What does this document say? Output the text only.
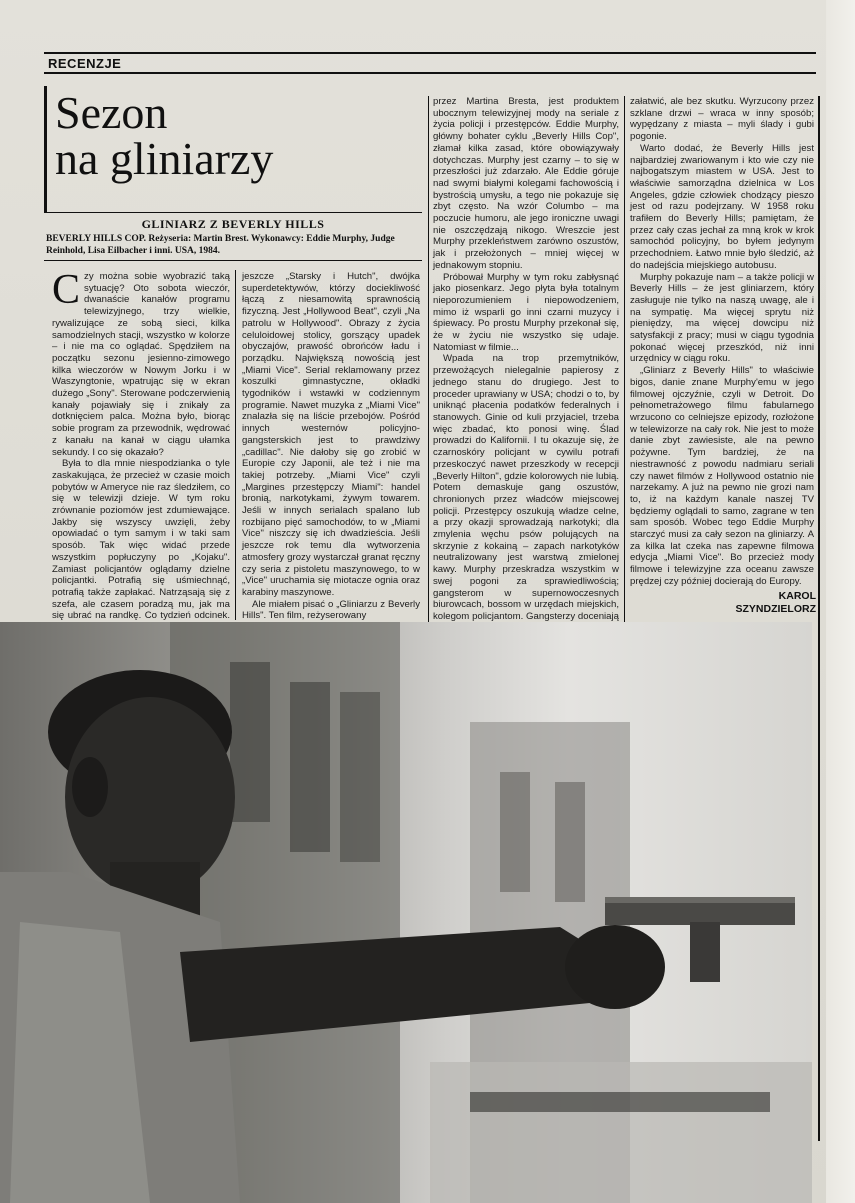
RECENZJE
Sezon
na gliniarzy
GLINIARZ Z BEVERLY HILLS
BEVERLY HILLS COP. Reżyseria: Martin Brest. Wykonawcy: Eddie Murphy, Judge Reinhold, Lisa Eilbacher i inni. USA, 1984.
C zy można sobie wyobrazić taką sytuację? Oto sobota wieczór, dwanaście kanałów programu telewizyjnego, trzy wielkie, rywalizujące ze sobą sieci, kilka samodzielnych stacji, wszystko w kolorze – i nie ma co oglądać. Spędziłem na początku sezonu jesienno-zimowego kilka wieczorów w Nowym Jorku i w Waszyngtonie, wpatrując się w ekran dużego „Sony". Sterowane podczerwienią kanały pojawiały się i znikały za dotknięciem palca. Można było, biorąc sobie program za przewodnik, wędrować z kanału na kanał w ciągu ułamka sekundy. I co się okazało?

Była to dla mnie niespodzianka o tyle zaskakująca, że przecież w czasie moich pobytów w Ameryce nie raz śledziłem, co się w telewizji dzieje. W tym roku zrównanie poziomów jest zdumiewające. Jakby się wszyscy uwzięli, żeby opowiadać o tym samym i w taki sam sposób. Tak więc widać przede wszystkim popłuczyny po „Kojaku". Zamiast policjantów oglądamy dzielne policjantki. Potrafią się uśmiechnąć, potrafią także zapłakać. Natrząsają się z szefa, ale czasem poradzą mu, jak ma się ubrać na randkę. Co tydzień odcinek.

jeszcze „Starsky i Hutch", dwójka superdetektywów, którzy dociekliwość łączą z niesamowitą sprawnością fizyczną. Jest „Hollywood Beat", czyli „Na patrolu w Hollywood". Obrazy z życia celuloidowej stolicy, gorszący upadek obyczajów, prawość obrońców ładu i porządku. Największą nowością jest „Miami Vice". Serial reklamowany przez koszulki gimnastyczne, okładki tygodników i wstawki w codziennym programie. Nawet muzyka z „Miami Vice" znalazła się na liście przebojów. Pośród innych westernów policyjno-gangsterskich jest to prawdziwy „cadillac". Nie dałoby się go zrobić w Europie czy Japonii, ale też i nie ma takiej potrzeby. „Miami Vice" czyli „Margines przestępczy Miami": handel bronią, narkotykami, żywym towarem. Jeśli w innych serialach spalano lub rozbijano pięć samochodów, to w „Miami Vice" niszczy się ich dwadzieścia. Jeśli jeszcze rok temu dla wytworzenia atmosfery grozy wystarczał granat ręczny czy seria z pistoletu maszynowego, to w „Vice" uruchamia się miotacze ognia oraz karabiny maszynowe.

Ale miałem pisać o „Gliniarzu z Beverly Hills". Ten film, reżyserowany

przez Martina Bresta, jest produktem ubocznym telewizyjnej mody na seriale z życia policji i przestępców. Eddie Murphy, główny bohater cyklu „Beverly Hills Cop", złamał kilka zasad, które obowiązywały dotychczas. Murphy jest czarny – to się w przeszłości już zdarzało. Ale Eddie góruje nad swymi białymi kolegami fachowością i bystrością umysłu, a tego nie pokazuje się zbyt często. Na wzór Columbo – ma poczucie humoru, ale jego ironiczne uwagi nie oszczędzają nikogo. Wreszcie jest Murphy przekleństwem zarówno oszustów, jak i przełożonych – mniej więcej w jednakowym stopniu.

Próbował Murphy w tym roku zabłysnąć jako piosenkarz. Jego płyta była totalnym nieporozumieniem i niepowodzeniem, mimo iż wsparli go inni czarni muzycy i śpiewacy. Po prostu Murphy przekonał się, że w życiu nie wszystko się udaje. Natomiast w filmie...

Wpada na trop przemytników, przewożących nielegalnie papierosy z jednego stanu do drugiego. Jest to proceder uprawiany w USA; chodzi o to, by uniknąć płacenia podatków federalnych i stanowych. Ginie od kuli przyjaciel, trzeba więc zbadać, kto ponosi winę. Ślad prowadzi do Kalifornii. I tu okazuje się, że czarnoskóry policjant w cywilu potrafi przeskoczyć nawet przeszkody w recepcji „Beverly Hilton", gdzie kolorowych nie lubią. Potem demaskuje gang oszustów, chronionych przez władców miejscowej policji. Przestępcy oszukują władze celne, a przy okazji sprowadzają narkotyki; dla zmylenia węchu psów polujących na skrzynie z kokainą – zapach narkotyków neutralizowany jest warstwą zmielonej kawy. Murphy przeskradza wszystkim w swej pogoni za sprawiedliwością; gangsterom w supernowoczesnych biurowcach, bossom w urzędach miejskich, kolegom policjantom. Gangsterzy doceniają

załatwić, ale bez skutku. Wyrzucony przez szklane drzwi – wraca w inny sposób; wypędzany z miasta – myli ślady i gubi pogonie.

Warto dodać, że Beverly Hills jest najbardziej zwariowanym i kto wie czy nie najbogatszym miastem w USA. Jest to właściwie samorządna dzielnica w Los Angeles, gdzie człowiek chodzący pieszo jest od razu podejrzany. W 1958 roku trafiłem do Beverly Hills; pamiętam, że przez cały czas jechał za mną krok w krok samochód policyjny, bo byłem jedynym przechodniem. Łatwo mnie było śledzić, aż do nadejścia miejskiego autobusu.

Murphy pokazuje nam – a także policji w Beverly Hills – że jest gliniarzem, który zasługuje nie tylko na naszą uwagę, ale i na sympatię. Ma więcej sprytu niż pieniędzy, ma więcej dowcipu niż satysfakcji z pracy; musi w ciągu tygodnia pokonać więcej przeszkód, niż inni urzędnicy w ciągu roku.

„Gliniarz z Beverly Hills" to właściwie bigos, danie znane Murphy'emu w jego filmowej ojczyźnie, czyli w Detroit. Do pełnometrażowego filmu fabularnego wrzucono co celniejsze epizody, rozłożone w telewizorze na cały rok. Nie jest to może danie zbyt zawiesiste, ale na pewno pożywne. Tym bardziej, że na niestrawność z powodu nadmiaru seriali czy nawet filmów z Hollywood ostatnio nie narzekamy. A już na pewno nie grozi nam to, iż na każdym kanale naszej TV będziemy oglądali to samo, zagrane w ten sam sposób. Wobec tego Eddie Murphy starczyć musi za cały sezon na gliniarzy. A za kilka lat czeka nas zapewne filmowa edycja „Miami Vice". Bo przecież mody filmowe i telewizyjne zza oceanu zawsze prędzej czy później docierają do Europy.

KAROL
SZYNDZIELORZ
